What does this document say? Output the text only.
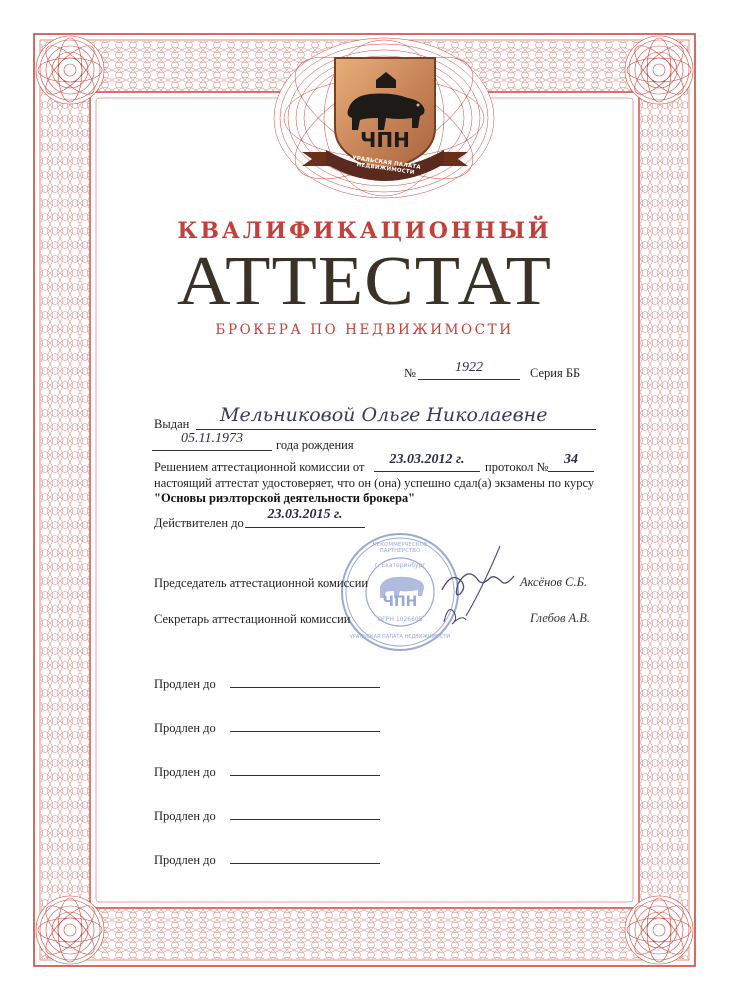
ЧПН
УРАЛЬСКАЯ ПАЛАТА НЕДВИЖИМОСТИ
КВАЛИФИКАЦИОННЫЙ
АТТЕСТАТ
БРОКЕРА ПО НЕДВИЖИМОСТИ
№	1922	Серия ББ
Выдан Мельниковой Ольге Николаевне
05.11.1973	года рождения
Решением аттестационной комиссии от	23.03.2012 г.	протокол №	34
настоящий аттестат удостоверяет, что он (она) успешно сдал(а) экзамены по курсу
"Основы риэлторской деятельности брокера"
Действителен до
23.03.2015 г.
ЧПН
НЕКОММЕРЧЕСКОЕ ПАРТНЕРСТВО
г. Екатеринбург
ОГРН 1026605
УРАЛЬСКАЯ ПАЛАТА НЕДВИЖИМОСТИ
Председатель аттестационной комиссии	Аксёнов С.Б.
Секретарь аттестационной комиссии	Глебов А.В.
Продлен до
Продлен до
Продлен до
Продлен до
Продлен до
